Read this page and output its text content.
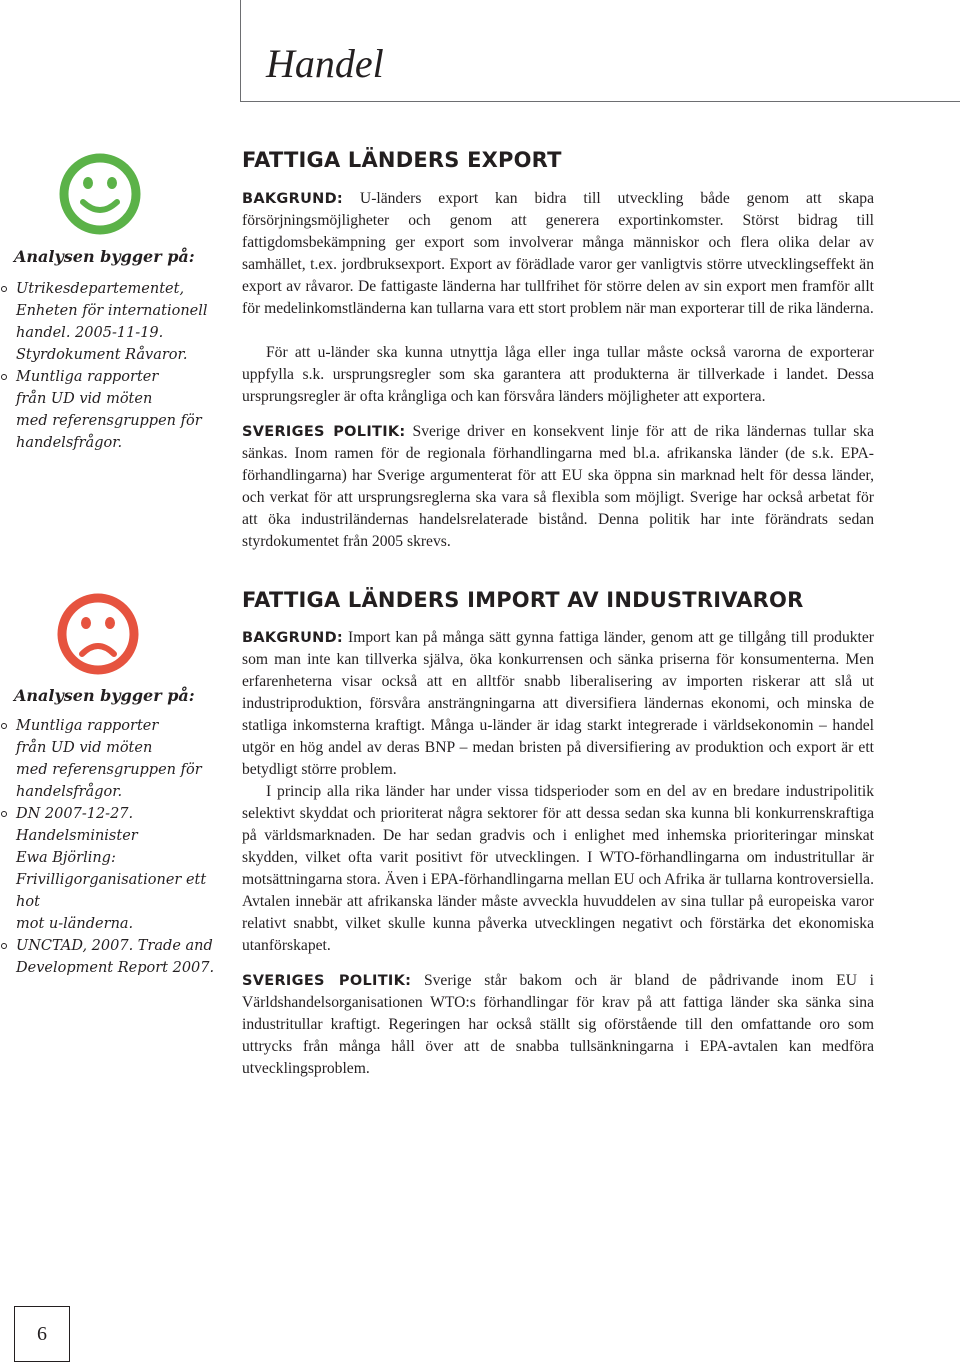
Handel
Analysen bygger på:
Utrikesdepartementet,
Enheten för internationell
handel. 2005-11-19.
Styrdokument Råvaror.
Muntliga rapporter
från UD vid möten
med referensgruppen för
handelsfrågor.
Analysen bygger på:
Muntliga rapporter
från UD vid möten
med referensgruppen för
handelsfrågor.
DN 2007-12-27.
Handelsminister
Ewa Björling:
Frivilligorganisationer ett hot
mot u-länderna.
UNCTAD, 2007. Trade and
Development Report 2007.
FATTIGA LÄNDERS EXPORT

BAKGRUND: U-länders export kan bidra till utveckling både genom att skapa försörjningsmöjligheter och genom att generera exportinkomster. Störst bidrag till fattigdomsbekämpning ger export som involverar många människor och flera olika delar av samhället, t.ex. jordbruksexport. Export av förädlade varor ger vanligtvis större utvecklingseffekt än export av råvaror. De fattigaste länderna har tullfrihet för större delen av sin export men framför allt för medelinkomstländerna kan tullarna vara ett stort problem när man exporterar till de rika länderna.

För att u-länder ska kunna utnyttja låga eller inga tullar måste också varorna de exporterar uppfylla s.k. ursprungsregler som ska garantera att produkterna är tillverkade i landet. Dessa ursprungsregler är ofta krångliga och kan försvåra länders möjligheter att exportera.

SVERIGES POLITIK: Sverige driver en konsekvent linje för att de rika ländernas tullar ska sänkas. Inom ramen för de regionala förhandlingarna med bl.a. afrikanska länder (de s.k. EPA-förhandlingarna) har Sverige argumenterat för att EU ska öppna sin marknad helt för dessa länder, och verkat för att ursprungsreglerna ska vara så flexibla som möjligt. Sverige har också arbetat för att öka industriländernas handelsrelaterade bistånd. Denna politik har inte förändrats sedan styrdokumentet från 2005 skrevs.

FATTIGA LÄNDERS IMPORT AV INDUSTRIVAROR

BAKGRUND: Import kan på många sätt gynna fattiga länder, genom att ge tillgång till produkter som man inte kan tillverka själva, öka konkurrensen och sänka priserna för konsumenterna. Men erfarenheterna visar också att en alltför snabb liberalisering av importen riskerar att slå ut industriproduktion, försvåra ansträngningarna att diversifiera ländernas ekonomi, och minska de statliga inkomsterna kraftigt. Många u-länder är idag starkt integrerade i världsekonomin – handel utgör en hög andel av deras BNP – medan bristen på diversifiering av produktion och export är ett betydligt större problem.

I princip alla rika länder har under vissa tidsperioder som en del av en bredare industripolitik selektivt skyddat och prioriterat några sektorer för att dessa sedan ska kunna bli konkurrenskraftiga på världsmarknaden. De har sedan gradvis och i enlighet med inhemska prioriteringar minskat skydden, vilket ofta varit positivt för utvecklingen. I WTO-förhandlingarna om industritullar är motsättningarna stora. Även i EPA-förhandlingarna mellan EU och Afrika är tullarna kontroversiella. Avtalen innebär att afrikanska länder måste avveckla huvuddelen av sina tullar på europeiska varor relativt snabbt, vilket skulle kunna påverka utvecklingen negativt och förstärka det ekonomiska utanförskapet.

SVERIGES POLITIK: Sverige står bakom och är bland de pådrivande inom EU i Världshandelsorganisationen WTO:s förhandlingar för krav på att fattiga länder ska sänka sina industritullar kraftigt. Regeringen har också ställt sig oförstående till den omfattande oro som uttrycks från många håll över att de snabba tullsänkningarna i EPA-avtalen kan medföra utvecklingsproblem.

6
